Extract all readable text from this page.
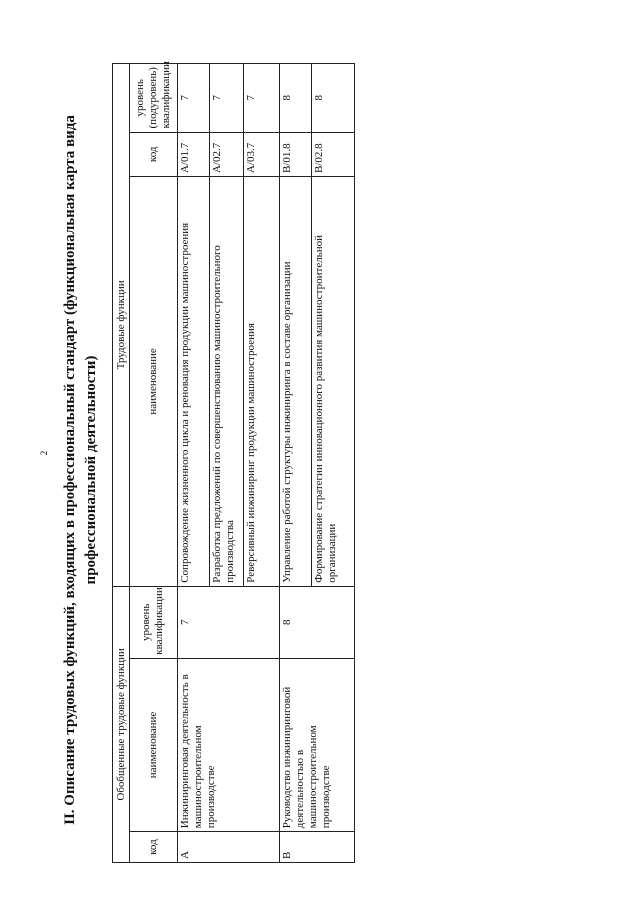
2 II. Описание трудовых функций, входящих в профессиональный стандарт (функциональная карта вида профессиональной деятельности)
Обобщенные трудовые функции			Трудовые функции		
код	наименование	уровень квалификации	наименование	код	уровень (подуровень) квалификации
A	Инжиниринговая деятельность в машиностроительном производстве	7	Сопровождение жизненного цикла и реновация продукции машиностроения	A/01.7	7
			Разработка предложений по совершенствованию машиностроительного производства	A/02.7	7
			Реверсивный инжиниринг продукции машиностроения	A/03.7	7
B	Руководство инжиниринговой деятельностью в машиностроительном производстве	8	Управление работой структуры инжиниринга в составе организации	B/01.8	8
			Формирование стратегии инновационного развития машиностроительной организации	B/02.8	8
